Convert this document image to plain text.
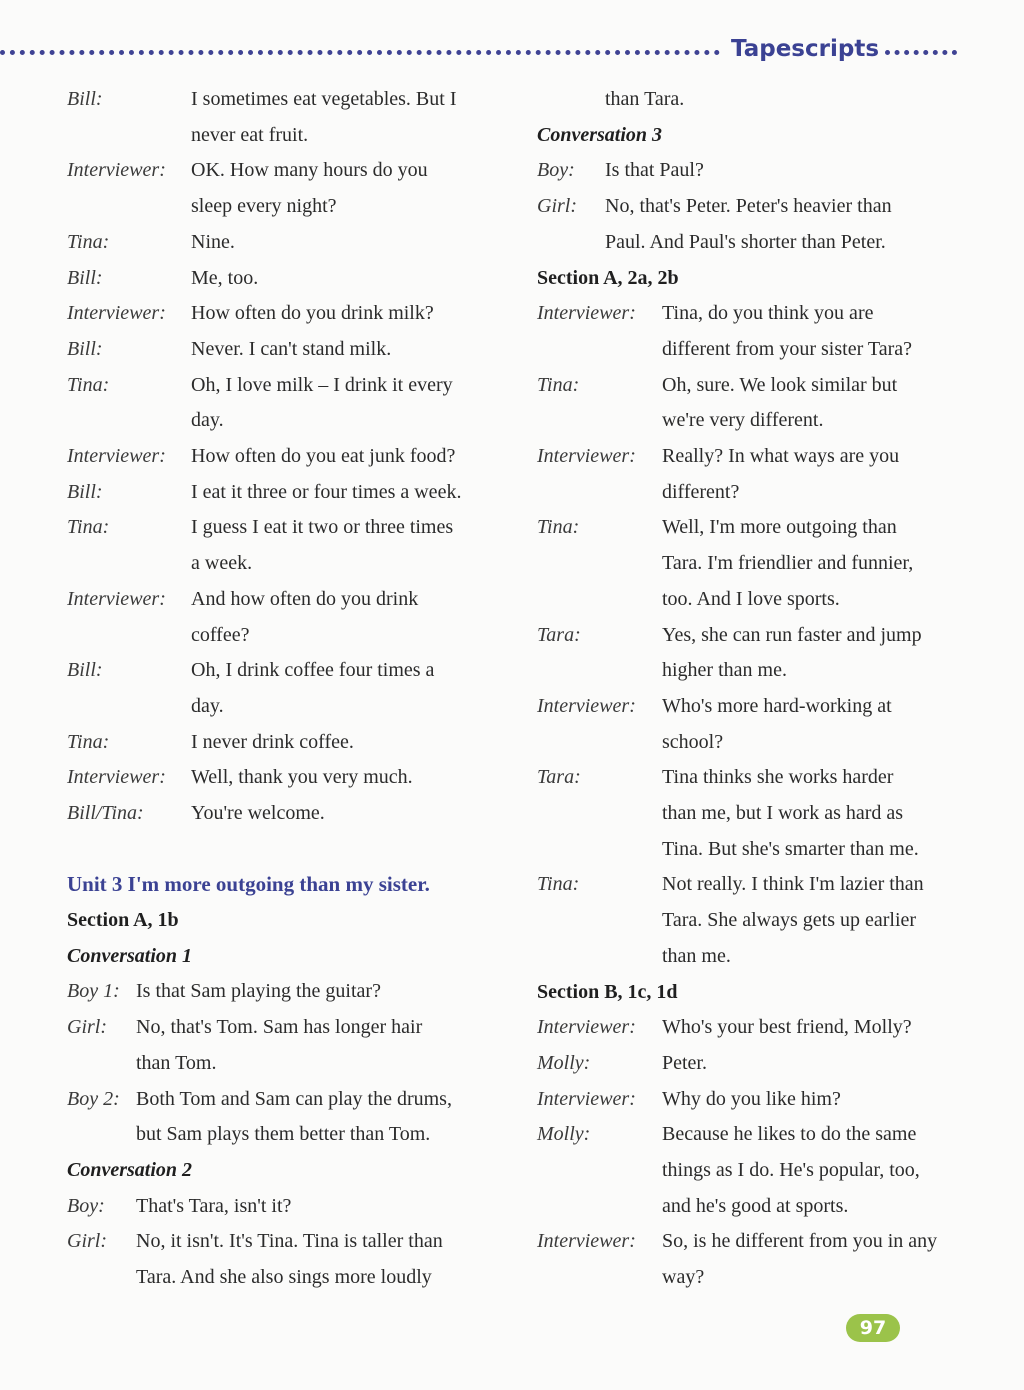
Tapescripts
Bill:	I sometimes eat vegetables. But I
never eat fruit.
Interviewer: OK. How many hours do you
sleep every night?
Tina:	Nine.
Bill:	Me, too.
Interviewer: How often do you drink milk?
Bill:	Never. I can't stand milk.
Tina:	Oh, I love milk – I drink it every
day.
Interviewer: How often do you eat junk food?
Bill:	I eat it three or four times a week.
Tina:	I guess I eat it two or three times
a week.
Interviewer: And how often do you drink
coffee?
Bill:	Oh, I drink coffee four times a
day.
Tina:	I never drink coffee.
Interviewer: Well, thank you very much.
Bill/Tina: You're welcome.
Unit 3 I'm more outgoing than my sister.
Section A, 1b
Conversation 1
Boy 1: Is that Sam playing the guitar?
Girl: No, that's Tom. Sam has longer hair
than Tom.
Boy 2: Both Tom and Sam can play the drums,
but Sam plays them better than Tom.
Conversation 2
Boy: That's Tara, isn't it?
Girl: No, it isn't. It's Tina. Tina is taller than
Tara. And she also sings more loudly
than Tara.
Conversation 3
Boy: Is that Paul?
Girl: No, that's Peter. Peter's heavier than
Paul. And Paul's shorter than Peter.
Section A, 2a, 2b
Interviewer: Tina, do you think you are
different from your sister Tara?
Tina:	Oh, sure. We look similar but
we're very different.
Interviewer: Really? In what ways are you
different?
Tina:	Well, I'm more outgoing than
Tara. I'm friendlier and funnier,
too. And I love sports.
Tara:	Yes, she can run faster and jump
higher than me.
Interviewer: Who's more hard-working at
school?
Tara:	Tina thinks she works harder
than me, but I work as hard as
Tina. But she's smarter than me.
Tina:	Not really. I think I'm lazier than
Tara. She always gets up earlier
than me.
Section B, 1c, 1d
Interviewer: Who's your best friend, Molly?
Molly:	Peter.
Interviewer: Why do you like him?
Molly:	Because he likes to do the same
things as I do. He's popular, too,
and he's good at sports.
Interviewer: So, is he different from you in any
way?
97
